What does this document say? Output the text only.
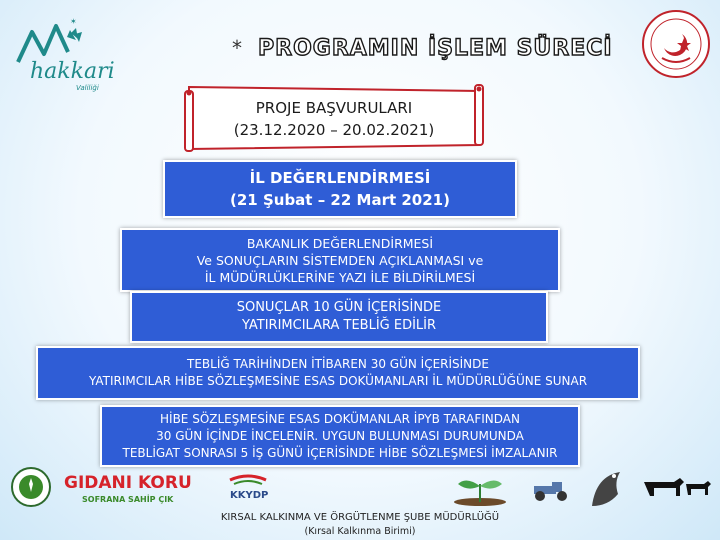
✶
hakkari
Valiliği
* PROGRAMIN İŞLEM SÜRECİ
PROJE BAŞVURULARI
(23.12.2020 – 20.02.2021)
İL DEĞERLENDİRMESİ
(21 Şubat – 22 Mart 2021)
BAKANLIK DEĞERLENDİRMESİ
Ve SONUÇLARIN SİSTEMDEN AÇIKLANMASI ve
İL MÜDÜRLÜKLERİNE YAZI İLE BİLDİRİLMESİ
SONUÇLAR 10 GÜN İÇERİSİNDE
YATIRIMCILARA TEBLİĞ EDİLİR
TEBLİĞ TARİHİNDEN İTİBAREN 30 GÜN İÇERİSİNDE
YATIRIMCILAR HİBE SÖZLEŞMESİNE ESAS DOKÜMANLARI İL MÜDÜRLÜĞÜNE SUNAR
HİBE SÖZLEŞMESİNE ESAS DOKÜMANLAR İPYB TARAFINDAN
30 GÜN İÇİNDE İNCELENİR. UYGUN BULUNMASI DURUMUNDA
TEBLİGAT SONRASI 5 İŞ GÜNÜ İÇERİSİNDE HİBE SÖZLEŞMESİ İMZALANIR
GIDANI KORU
SOFRANA SAHİP ÇIK	KKYDP
KIRSAL KALKINMA VE ÖRGÜTLENME ŞUBE MÜDÜRLÜĞÜ
(Kırsal Kalkınma Birimi)
